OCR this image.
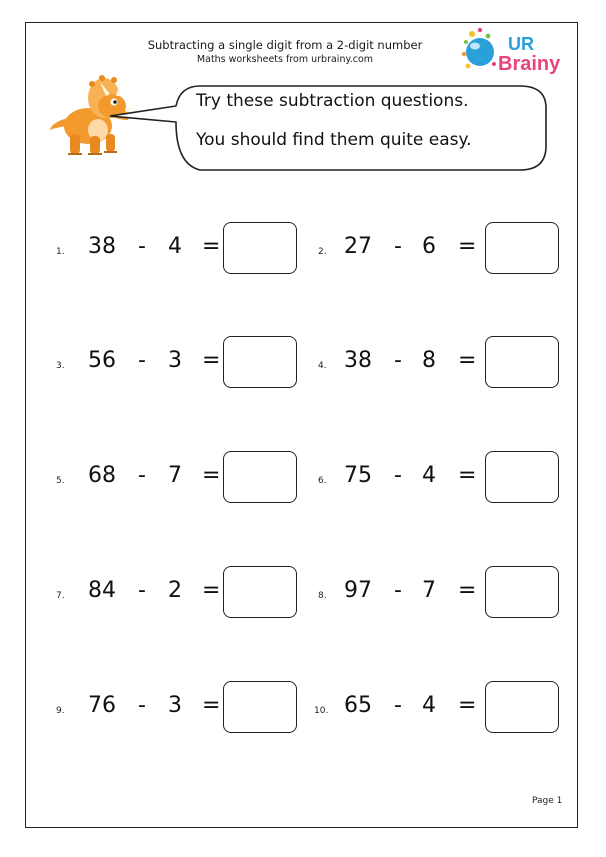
Subtracting a single digit from a 2-digit number
Maths worksheets from urbrainy.com
UR
Brainy
Try these subtraction questions.
You should find them quite easy.
1. 38 - 4 =
3. 56 - 3 =
5. 68 - 7 =
7. 84 - 2 =
9. 76 - 3 =
2. 27 - 6 =
4. 38 - 8 =
6. 75 - 4 =
8. 97 - 7 =
10. 65 - 4 =
Page 1
